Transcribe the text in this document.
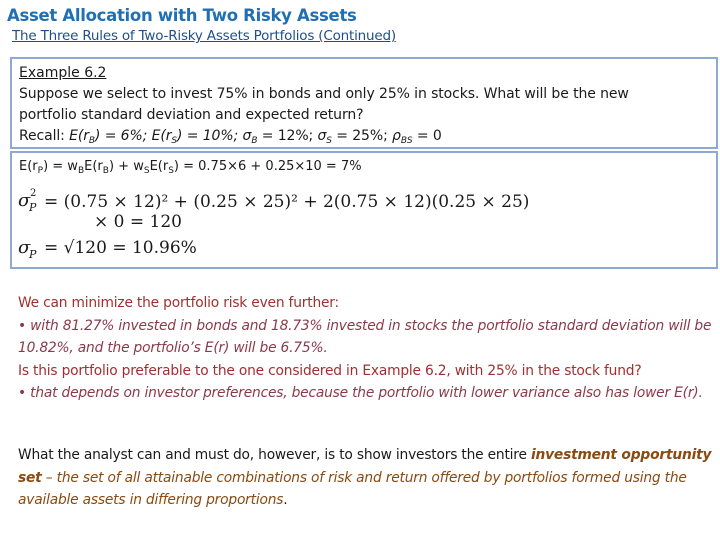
Asset Allocation with Two Risky Assets
The Three Rules of Two-Risky Assets Portfolios (Continued)
Example 6.2
Suppose we select to invest 75% in bonds and only 25% in stocks. What will be the new
portfolio standard deviation and expected return?
Recall: $E(r_B) = 6\%$; $E(r_S) = 10\%$; $\sigma_B = 12\%$; $\sigma_S = 25\%$; $\rho_{BS} = 0$
$E(r_P) = w_BE(r_B) + w_SE(r_S) = 0.75\times 6 + 0.25\times 10 = 7\%$
σ
P
2 = (0.75 × 12)² + (0.25 × 25)² + 2(0.75 × 12)(0.25 × 25)
× 0 = 120
σ
P = √120 = 10.96%

We can minimize the portfolio risk even further:

• with 81.27% invested in bonds and 18.73% invested in stocks the portfolio standard deviation will be 10.82%, and the portfolio’s E(r) will be 6.75%.

Is this portfolio preferable to the one considered in Example 6.2, with 25% in the stock fund?

• that depends on investor preferences, because the portfolio with lower variance also has lower E(r).

What the analyst can and must do, however, is to show investors the entire investment opportunity set – the set of all attainable combinations of risk and return offered by portfolios formed using the available assets in differing proportions.
